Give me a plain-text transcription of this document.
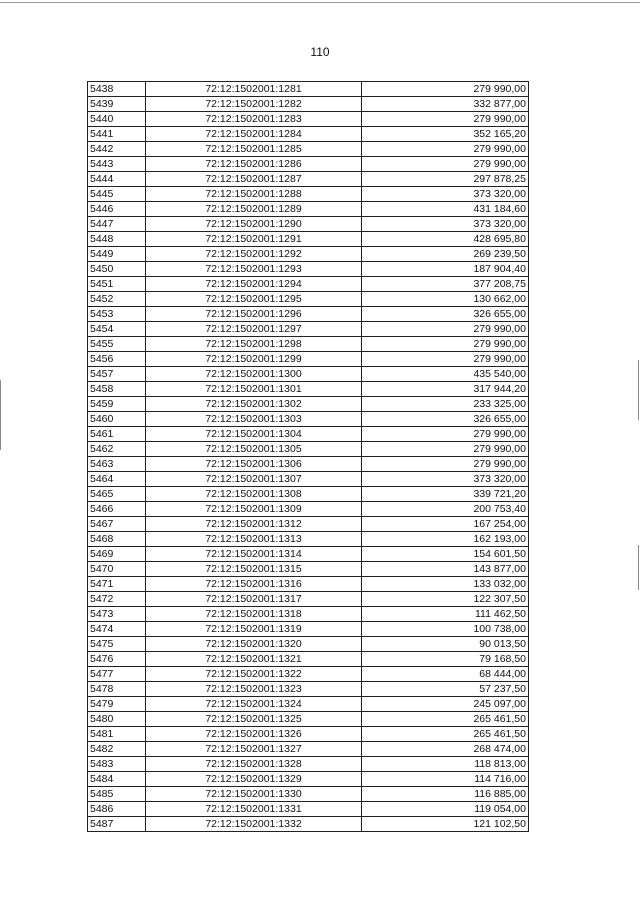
110
5438	72:12:1502001:1281	279 990,00
5439	72:12:1502001:1282	332 877,00
5440	72:12:1502001:1283	279 990,00
5441	72:12:1502001:1284	352 165,20
5442	72:12:1502001:1285	279 990,00
5443	72:12:1502001:1286	279 990,00
5444	72:12:1502001:1287	297 878,25
5445	72:12:1502001:1288	373 320,00
5446	72:12:1502001:1289	431 184,60
5447	72:12:1502001:1290	373 320,00
5448	72:12:1502001:1291	428 695,80
5449	72:12:1502001:1292	269 239,50
5450	72:12:1502001:1293	187 904,40
5451	72:12:1502001:1294	377 208,75
5452	72:12:1502001:1295	130 662,00
5453	72:12:1502001:1296	326 655,00
5454	72:12:1502001:1297	279 990,00
5455	72:12:1502001:1298	279 990,00
5456	72:12:1502001:1299	279 990,00
5457	72:12:1502001:1300	435 540,00
5458	72:12:1502001:1301	317 944,20
5459	72:12:1502001:1302	233 325,00
5460	72:12:1502001:1303	326 655,00
5461	72:12:1502001:1304	279 990,00
5462	72:12:1502001:1305	279 990,00
5463	72:12:1502001:1306	279 990,00
5464	72:12:1502001:1307	373 320,00
5465	72:12:1502001:1308	339 721,20
5466	72:12:1502001:1309	200 753,40
5467	72:12:1502001:1312	167 254,00
5468	72:12:1502001:1313	162 193,00
5469	72:12:1502001:1314	154 601,50
5470	72:12:1502001:1315	143 877,00
5471	72:12:1502001:1316	133 032,00
5472	72:12:1502001:1317	122 307,50
5473	72:12:1502001:1318	111 462,50
5474	72:12:1502001:1319	100 738,00
5475	72:12:1502001:1320	90 013,50
5476	72:12:1502001:1321	79 168,50
5477	72:12:1502001:1322	68 444,00
5478	72:12:1502001:1323	57 237,50
5479	72:12:1502001:1324	245 097,00
5480	72:12:1502001:1325	265 461,50
5481	72:12:1502001:1326	265 461,50
5482	72:12:1502001:1327	268 474,00
5483	72:12:1502001:1328	118 813,00
5484	72:12:1502001:1329	114 716,00
5485	72:12:1502001:1330	116 885,00
5486	72:12:1502001:1331	119 054,00
5487	72:12:1502001:1332	121 102,50
